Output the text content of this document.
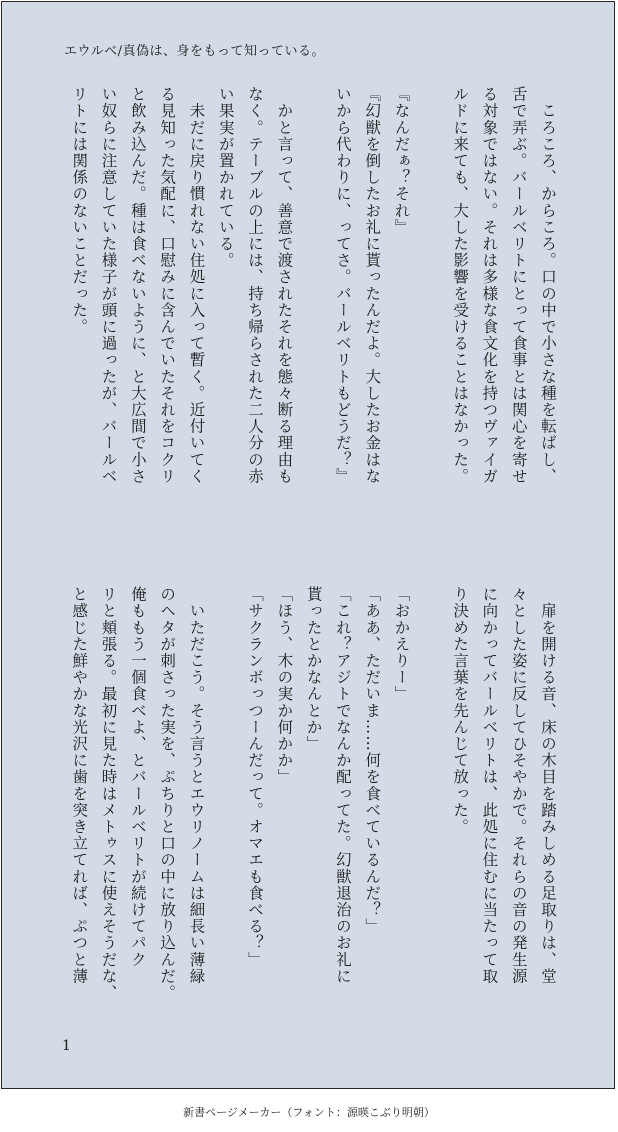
エウルベ/真偽は、身をもって知っている。
　ころころ、からころ。口の中で小さな種を転ばし、
舌で弄ぶ。バールベリトにとって食事とは関心を寄せ
る対象ではない。それは多様な食文化を持つヴァイガ
ルドに来ても、大した影響を受けることはなかった。

『なんだぁ？それ』
『幻獣を倒したお礼に貰ったんだよ。大したお金はな
いから代わりに、ってさ。バールベリトもどうだ？』

　かと言って、善意で渡されたそれを態々断る理由も
なく。テーブルの上には、持ち帰らされた二人分の赤
い果実が置かれている。
　未だに戻り慣れない住処に入って暫く。近付いてく
る見知った気配に、口慰みに含んでいたそれをコクリ
と飲み込んだ。種は食べないように、と大広間で小さ
い奴らに注意していた様子が頭に過ったが、バールベ
リトには関係のないことだった。
　扉を開ける音、床の木目を踏みしめる足取りは、堂
々とした姿に反してひそやかで。それらの音の発生源
に向かってバールベリトは、此処に住むに当たって取
り決めた言葉を先んじて放った。

「おかえりー」
「ああ、ただいま……何を食べているんだ？」
「これ？アジトでなんか配ってた。幻獣退治のお礼に
貰ったとかなんとか」
「ほう、木の実か何かか」
「サクランボっつーんだって。オマエも食べる？」

　いただこう。そう言うとエウリノームは細長い薄緑
のヘタが刺さった実を、ぷちりと口の中に放り込んだ。
俺ももう一個食べよ、とバールベリトが続けてパク
リと頬張る。最初に見た時はメトゥスに使えそうだな、
と感じた鮮やかな光沢に歯を突き立てれば、ぷつと薄
1
新書ページメーカー（フォント：源暎こぶり明朝）
